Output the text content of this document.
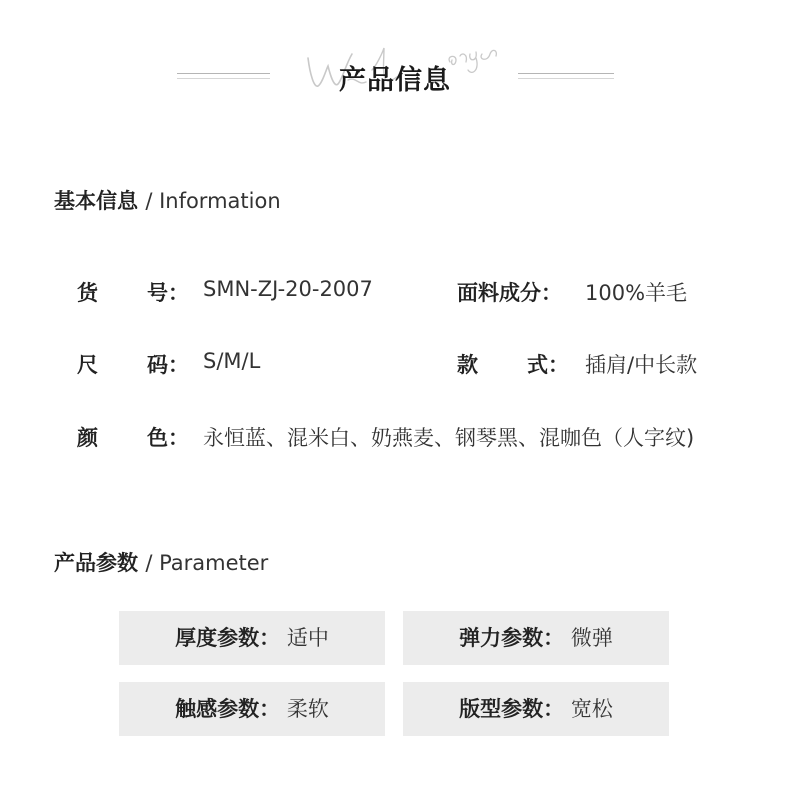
产品信息
基本信息 / Information
货 号： SMN-ZJ-20-2007	面料成分： 100%羊毛
尺 码： S/M/L	款 式： 插肩/中长款
颜 色： 永恒蓝、混米白、奶燕麦、钢琴黑、混咖色（人字纹)
产品参数 / Parameter
厚度参数： 适中	弹力参数： 微弹
触感参数： 柔软	版型参数： 宽松
